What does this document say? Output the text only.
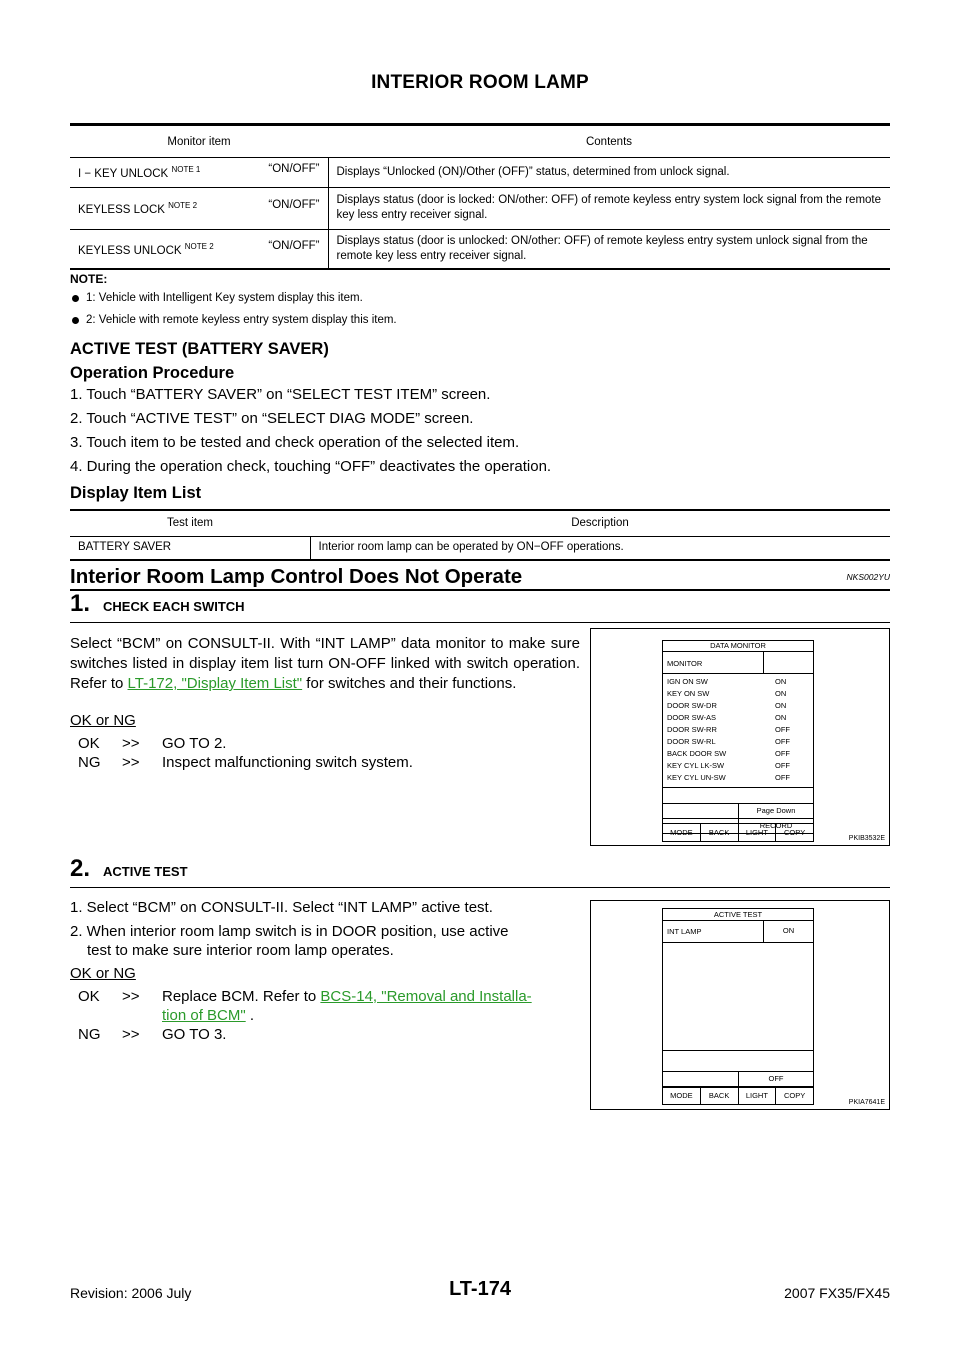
INTERIOR ROOM LAMP
Monitor item	Contents
I − KEY UNLOCK $^{NOTE 1}$ “ON/OFF”	Displays “Unlocked (ON)/Other (OFF)” status, determined from unlock signal.
KEYLESS LOCK $^{NOTE 2}$ “ON/OFF”	Displays status (door is locked: ON/other: OFF) of remote keyless entry system lock signal from the remote key less entry receiver signal.
KEYLESS UNLOCK $^{NOTE 2}$ “ON/OFF”	Displays status (door is unlocked: ON/other: OFF) of remote keyless entry system unlock signal from the remote key less entry receiver signal.
NOTE:
1: Vehicle with Intelligent Key system display this item.
2: Vehicle with remote keyless entry system display this item.
ACTIVE TEST (BATTERY SAVER)
Operation Procedure
1. Touch “BATTERY SAVER” on “SELECT TEST ITEM” screen.
2. Touch “ACTIVE TEST” on “SELECT DIAG MODE” screen.
3. Touch item to be tested and check operation of the selected item.
4. During the operation check, touching “OFF” deactivates the operation.
Display Item List
Test item	Description
BATTERY SAVER	Interior room lamp can be operated by ON−OFF operations.
Interior Room Lamp Control Does Not Operate	NKS002YU
1. CHECK EACH SWITCH
Select “BCM” on CONSULT-II. With “INT LAMP” data monitor to make sure switches listed in display item list turn ON-OFF linked with switch operation. Refer to LT-172, "Display Item List" for switches and their functions.
OK or NG
OK	>> GO TO 2.
NG	>> Inspect malfunctioning switch system.
DATA MONITOR
MONITOR
IGN ON SW	ON
KEY ON SW	ON
DOOR SW-DR	ON
DOOR SW-AS	ON
DOOR SW-RR	OFF
DOOR SW-RL	OFF
BACK DOOR SW	OFF
KEY CYL LK-SW	OFF
KEY CYL UN-SW	OFF
Page Down
RECORD
MODE	BACK	LIGHT	COPY
PKIB3532E
2. ACTIVE TEST
1. Select “BCM” on CONSULT-II. Select “INT LAMP” active test.
2. When interior room lamp switch is in DOOR position, use active
test to make sure interior room lamp operates.
OK or NG
OK	>> Replace BCM. Refer to BCS-14, "Removal and Installa-
tion of BCM" .
NG	>> GO TO 3.
ACTIVE TEST
INT LAMP	ON
OFF
MODE	BACK	LIGHT	COPY
PKIA7641E
Revision: 2006 July	LT-174	2007 FX35/FX45
